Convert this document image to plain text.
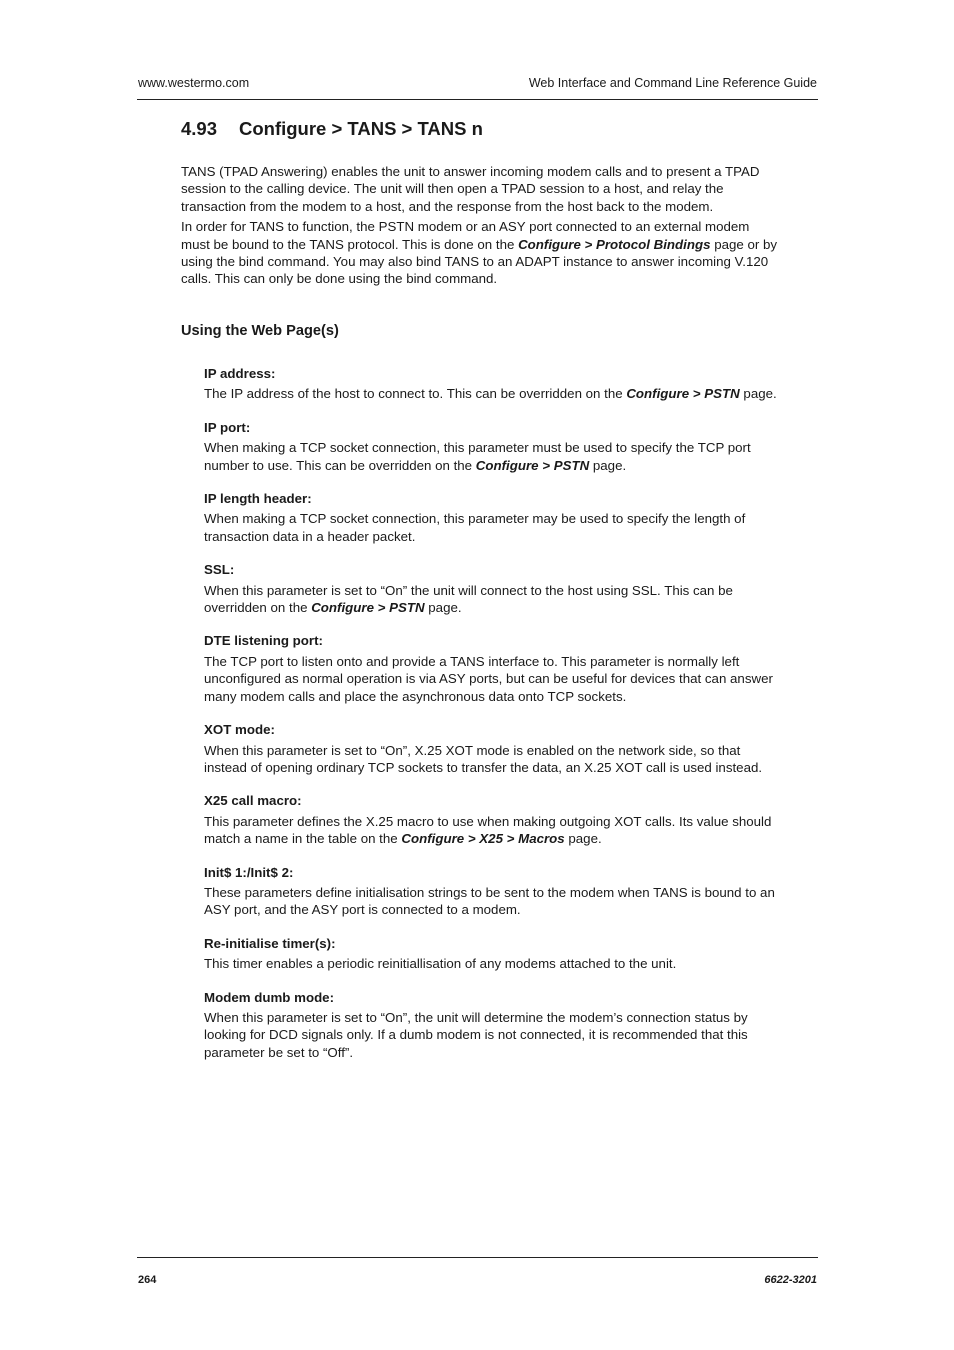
www.westermo.com	Web Interface and Command Line Reference Guide
4.93 Configure > TANS > TANS n

TANS (TPAD Answering) enables the unit to answer incoming modem calls and to present a TPAD session to the calling device. The unit will then open a TPAD session to a host, and relay the transaction from the modem to a host, and the response from the host back to the modem.

In order for TANS to function, the PSTN modem or an ASY port connected to an external modem must be bound to the TANS protocol. This is done on the Configure > Protocol Bindings page or by using the bind command. You may also bind TANS to an ADAPT instance to answer incoming V.120 calls. This can only be done using the bind command.

Using the Web Page(s)
IP address:

The IP address of the host to connect to. This can be overridden on the Configure > PSTN page.

IP port:

When making a TCP socket connection, this parameter must be used to specify the TCP port number to use. This can be overridden on the Configure > PSTN page.

IP length header:

When making a TCP socket connection, this parameter may be used to specify the length of transaction data in a header packet.

SSL:

When this parameter is set to “On” the unit will connect to the host using SSL. This can be overridden on the Configure > PSTN page.

DTE listening port:

The TCP port to listen onto and provide a TANS interface to. This parameter is normally left unconfigured as normal operation is via ASY ports, but can be useful for devices that can answer many modem calls and place the asynchronous data onto TCP sockets.

XOT mode:

When this parameter is set to “On”, X.25 XOT mode is enabled on the network side, so that instead of opening ordinary TCP sockets to transfer the data, an X.25 XOT call is used instead.

X25 call macro:

This parameter defines the X.25 macro to use when making outgoing XOT calls. Its value should match a name in the table on the Configure > X25 > Macros page.

Init$ 1:/Init$ 2:

These parameters define initialisation strings to be sent to the modem when TANS is bound to an ASY port, and the ASY port is connected to a modem.

Re-initialise timer(s):

This timer enables a periodic reinitiallisation of any modems attached to the unit.

Modem dumb mode:

When this parameter is set to “On”, the unit will determine the modem’s connection status by looking for DCD signals only. If a dumb modem is not connected, it is recommended that this parameter be set to “Off”.

264	6622-3201
